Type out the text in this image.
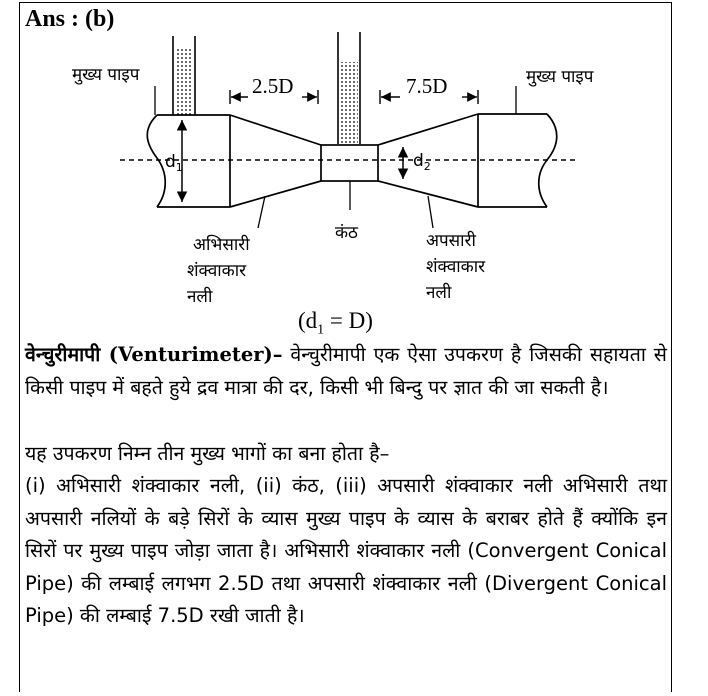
Ans : (b)
$d_1$	$d_2$
2.5D	7.5D
मुख्य पाइप	मुख्य पाइप
कंठ
अभिसारी
शंक्वाकार
नली
अपसारी
शंक्वाकार
नली
$(d_1 = D)$
वेन्चुरीमापी (Venturimeter)– वेन्चुरीमापी एक ऐसा उपकरण है जिसकी सहायता से किसी पाइप में बहते हुये द्रव मात्रा की दर, किसी भी बिन्दु पर ज्ञात की जा सकती है।
यह उपकरण निम्न तीन मुख्य भागों का बना होता है–
(i) अभिसारी शंक्वाकार नली, (ii) कंठ, (iii) अपसारी शंक्वाकार नली अभिसारी तथा अपसारी नलियों के बड़े सिरों के व्यास मुख्य पाइप के व्यास के बराबर होते हैं क्योंकि इन सिरों पर मुख्य पाइप जोड़ा जाता है। अभिसारी शंक्वाकार नली (Convergent Conical Pipe) की लम्बाई लगभग 2.5D तथा अपसारी शंक्वाकार नली (Divergent Conical Pipe) की लम्बाई 7.5D रखी जाती है।
